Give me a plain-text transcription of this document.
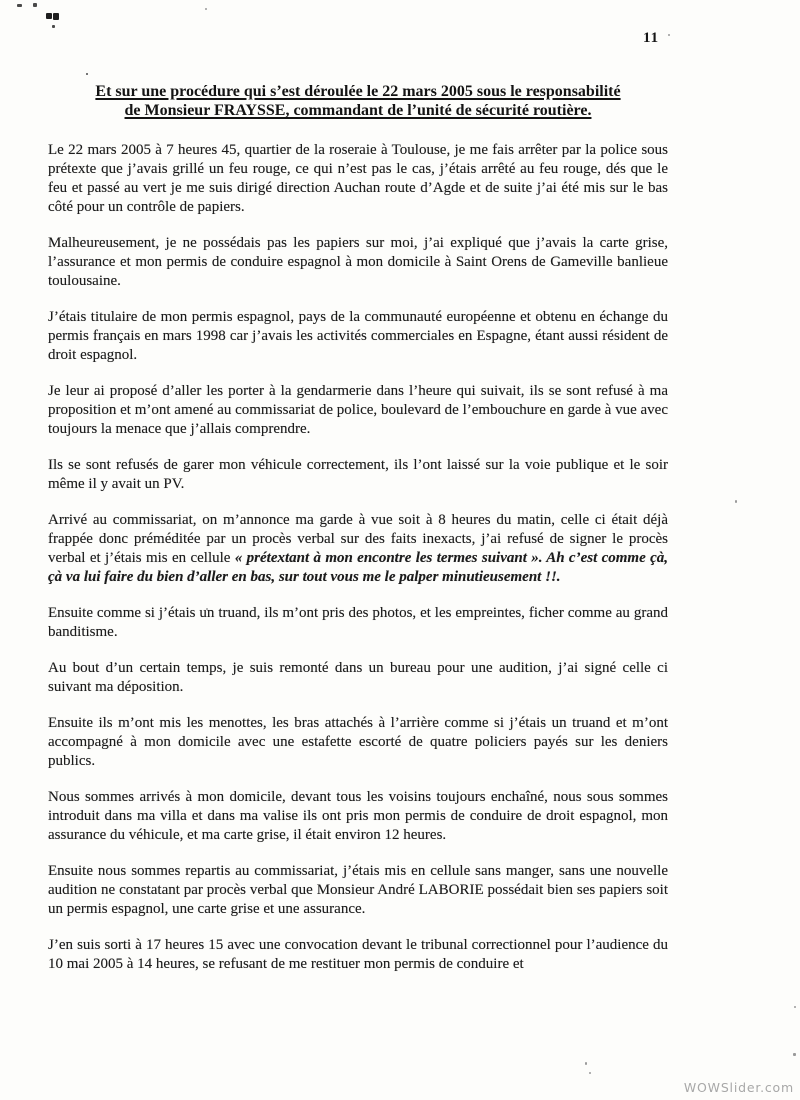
11
Et sur une procédure qui s’est déroulée le 22 mars 2005 sous le responsabilité
de Monsieur FRAYSSE, commandant de l’unité de sécurité routière.

Le 22 mars 2005 à 7 heures 45, quartier de la roseraie à Toulouse, je me fais arrêter par la police sous prétexte que j’avais grillé un feu rouge, ce qui n’est pas le cas, j’étais arrêté au feu rouge, dés que le feu et passé au vert je me suis dirigé direction Auchan route d’Agde et de suite j’ai été mis sur le bas côté pour un contrôle de papiers.

Malheureusement, je ne possédais pas les papiers sur moi, j’ai expliqué que j’avais la carte grise, l’assurance et mon permis de conduire espagnol à mon domicile à Saint Orens de Gameville banlieue toulousaine.

J’étais titulaire de mon permis espagnol, pays de la communauté européenne et obtenu en échange du permis français en mars 1998 car j’avais les activités commerciales en Espagne, étant aussi résident de droit espagnol.

Je leur ai proposé d’aller les porter à la gendarmerie dans l’heure qui suivait, ils se sont refusé à ma proposition et m’ont amené au commissariat de police, boulevard de l’embouchure en garde à vue avec toujours la menace que j’allais comprendre.

Ils se sont refusés de garer mon véhicule correctement, ils l’ont laissé sur la voie publique et le soir même il y avait un PV.

Arrivé au commissariat, on m’annonce ma garde à vue soit à 8 heures du matin, celle ci était déjà frappée donc préméditée par un procès verbal sur des faits inexacts, j’ai refusé de signer le procès verbal et j’étais mis en cellule « prétextant à mon encontre les termes suivant ». Ah c’est comme çà, çà va lui faire du bien d’aller en bas, sur tout vous me le palper minutieusement !!.

Ensuite comme si j’étais un truand, ils m’ont pris des photos, et les empreintes, ficher comme au grand banditisme.

Au bout d’un certain temps, je suis remonté dans un bureau pour une audition, j’ai signé celle ci suivant ma déposition.

Ensuite ils m’ont mis les menottes, les bras attachés à l’arrière comme si j’étais un truand et m’ont accompagné à mon domicile avec une estafette escorté de quatre policiers payés sur les deniers publics.

Nous sommes arrivés à mon domicile, devant tous les voisins toujours enchaîné, nous sous sommes introduit dans ma villa et dans ma valise ils ont pris mon permis de conduire de droit espagnol, mon assurance du véhicule, et ma carte grise, il était environ 12 heures.

Ensuite nous sommes repartis au commissariat, j’étais mis en cellule sans manger, sans une nouvelle audition ne constatant par procès verbal que Monsieur André LABORIE possédait bien ses papiers soit un permis espagnol, une carte grise et une assurance.

J’en suis sorti à 17 heures 15 avec une convocation devant le tribunal correctionnel pour l’audience du 10 mai 2005 à 14 heures, se refusant de me restituer mon permis de conduire et

WOWSlider.com
